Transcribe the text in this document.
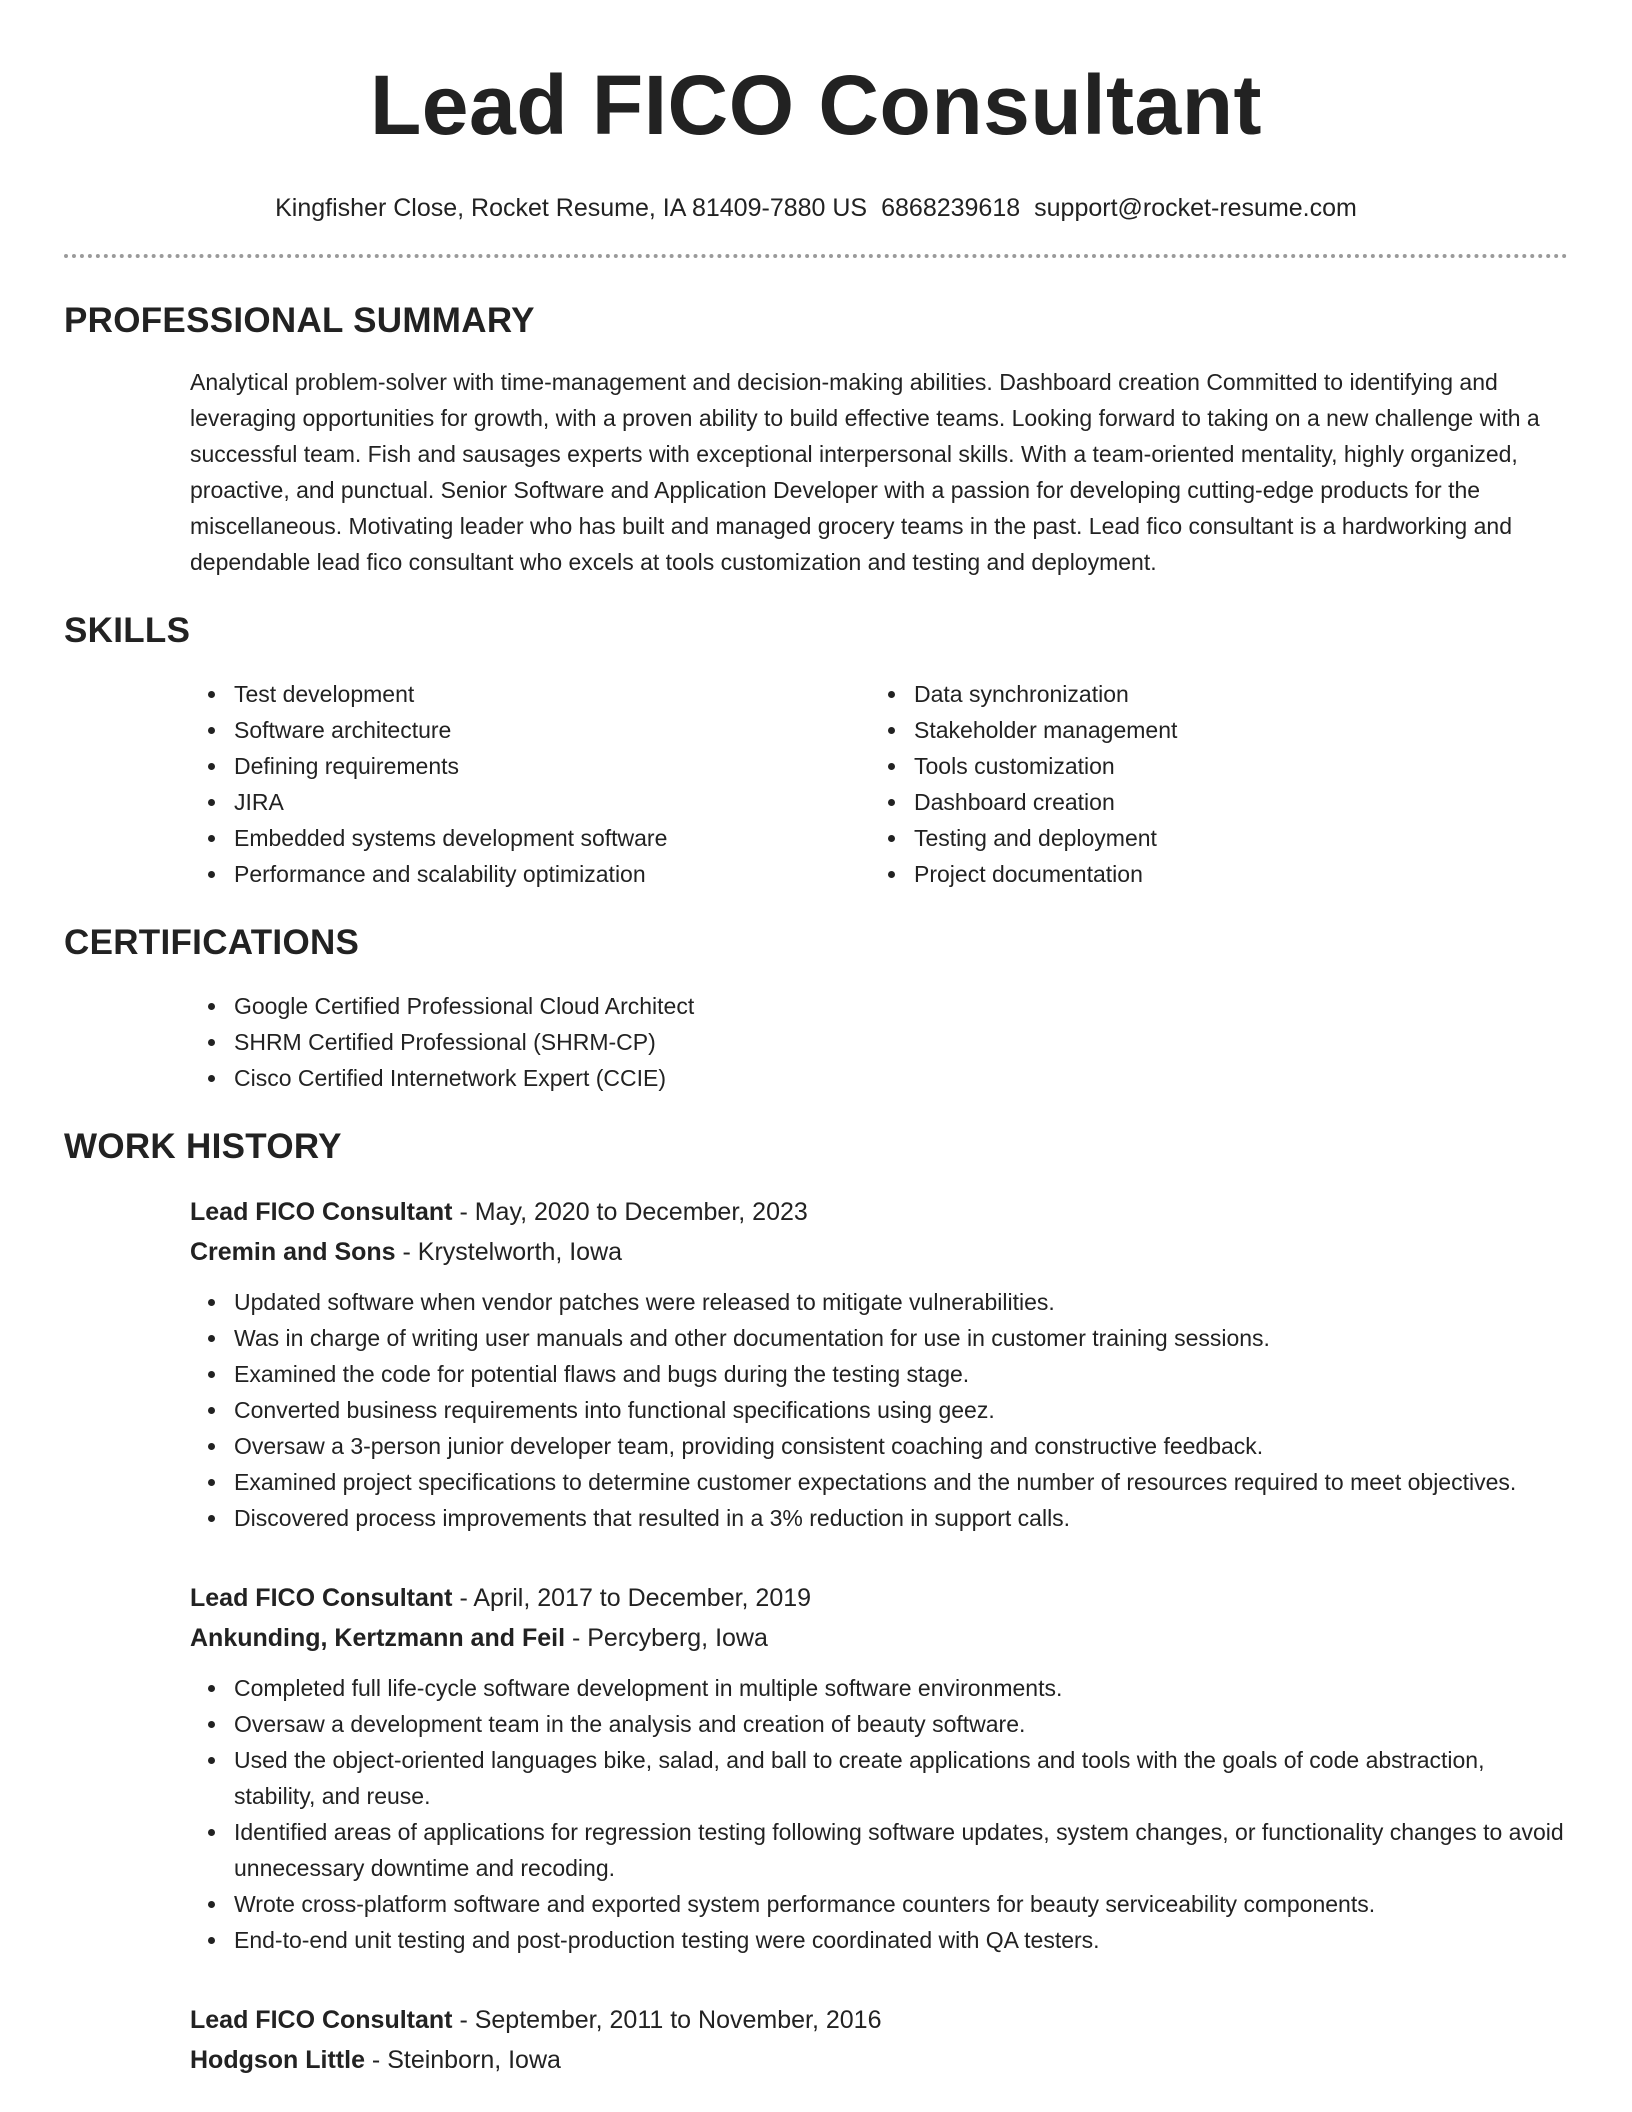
Lead FICO Consultant
Kingfisher Close, Rocket Resume, IA 81409-7880 US 6868239618 support@rocket-resume.com
PROFESSIONAL SUMMARY
Analytical problem-solver with time-management and decision-making abilities. Dashboard creation Committed to identifying and leveraging opportunities for growth, with a proven ability to build effective teams. Looking forward to taking on a new challenge with a successful team. Fish and sausages experts with exceptional interpersonal skills. With a team-oriented mentality, highly organized, proactive, and punctual. Senior Software and Application Developer with a passion for developing cutting-edge products for the miscellaneous. Motivating leader who has built and managed grocery teams in the past. Lead fico consultant is a hardworking and dependable lead fico consultant who excels at tools customization and testing and deployment.
SKILLS
Test development
Software architecture
Defining requirements
JIRA
Embedded systems development software
Performance and scalability optimization
Data synchronization
Stakeholder management
Tools customization
Dashboard creation
Testing and deployment
Project documentation
CERTIFICATIONS
Google Certified Professional Cloud Architect
SHRM Certified Professional (SHRM-CP)
Cisco Certified Internetwork Expert (CCIE)
WORK HISTORY
Lead FICO Consultant - May, 2020 to December, 2023
Cremin and Sons - Krystelworth, Iowa
Updated software when vendor patches were released to mitigate vulnerabilities.
Was in charge of writing user manuals and other documentation for use in customer training sessions.
Examined the code for potential flaws and bugs during the testing stage.
Converted business requirements into functional specifications using geez.
Oversaw a 3-person junior developer team, providing consistent coaching and constructive feedback.
Examined project specifications to determine customer expectations and the number of resources required to meet objectives.
Discovered process improvements that resulted in a 3% reduction in support calls.
Lead FICO Consultant - April, 2017 to December, 2019
Ankunding, Kertzmann and Feil - Percyberg, Iowa
Completed full life-cycle software development in multiple software environments.
Oversaw a development team in the analysis and creation of beauty software.
Used the object-oriented languages bike, salad, and ball to create applications and tools with the goals of code abstraction, stability, and reuse.
Identified areas of applications for regression testing following software updates, system changes, or functionality changes to avoid unnecessary downtime and recoding.
Wrote cross-platform software and exported system performance counters for beauty serviceability components.
End-to-end unit testing and post-production testing were coordinated with QA testers.
Lead FICO Consultant - September, 2011 to November, 2016
Hodgson Little - Steinborn, Iowa
